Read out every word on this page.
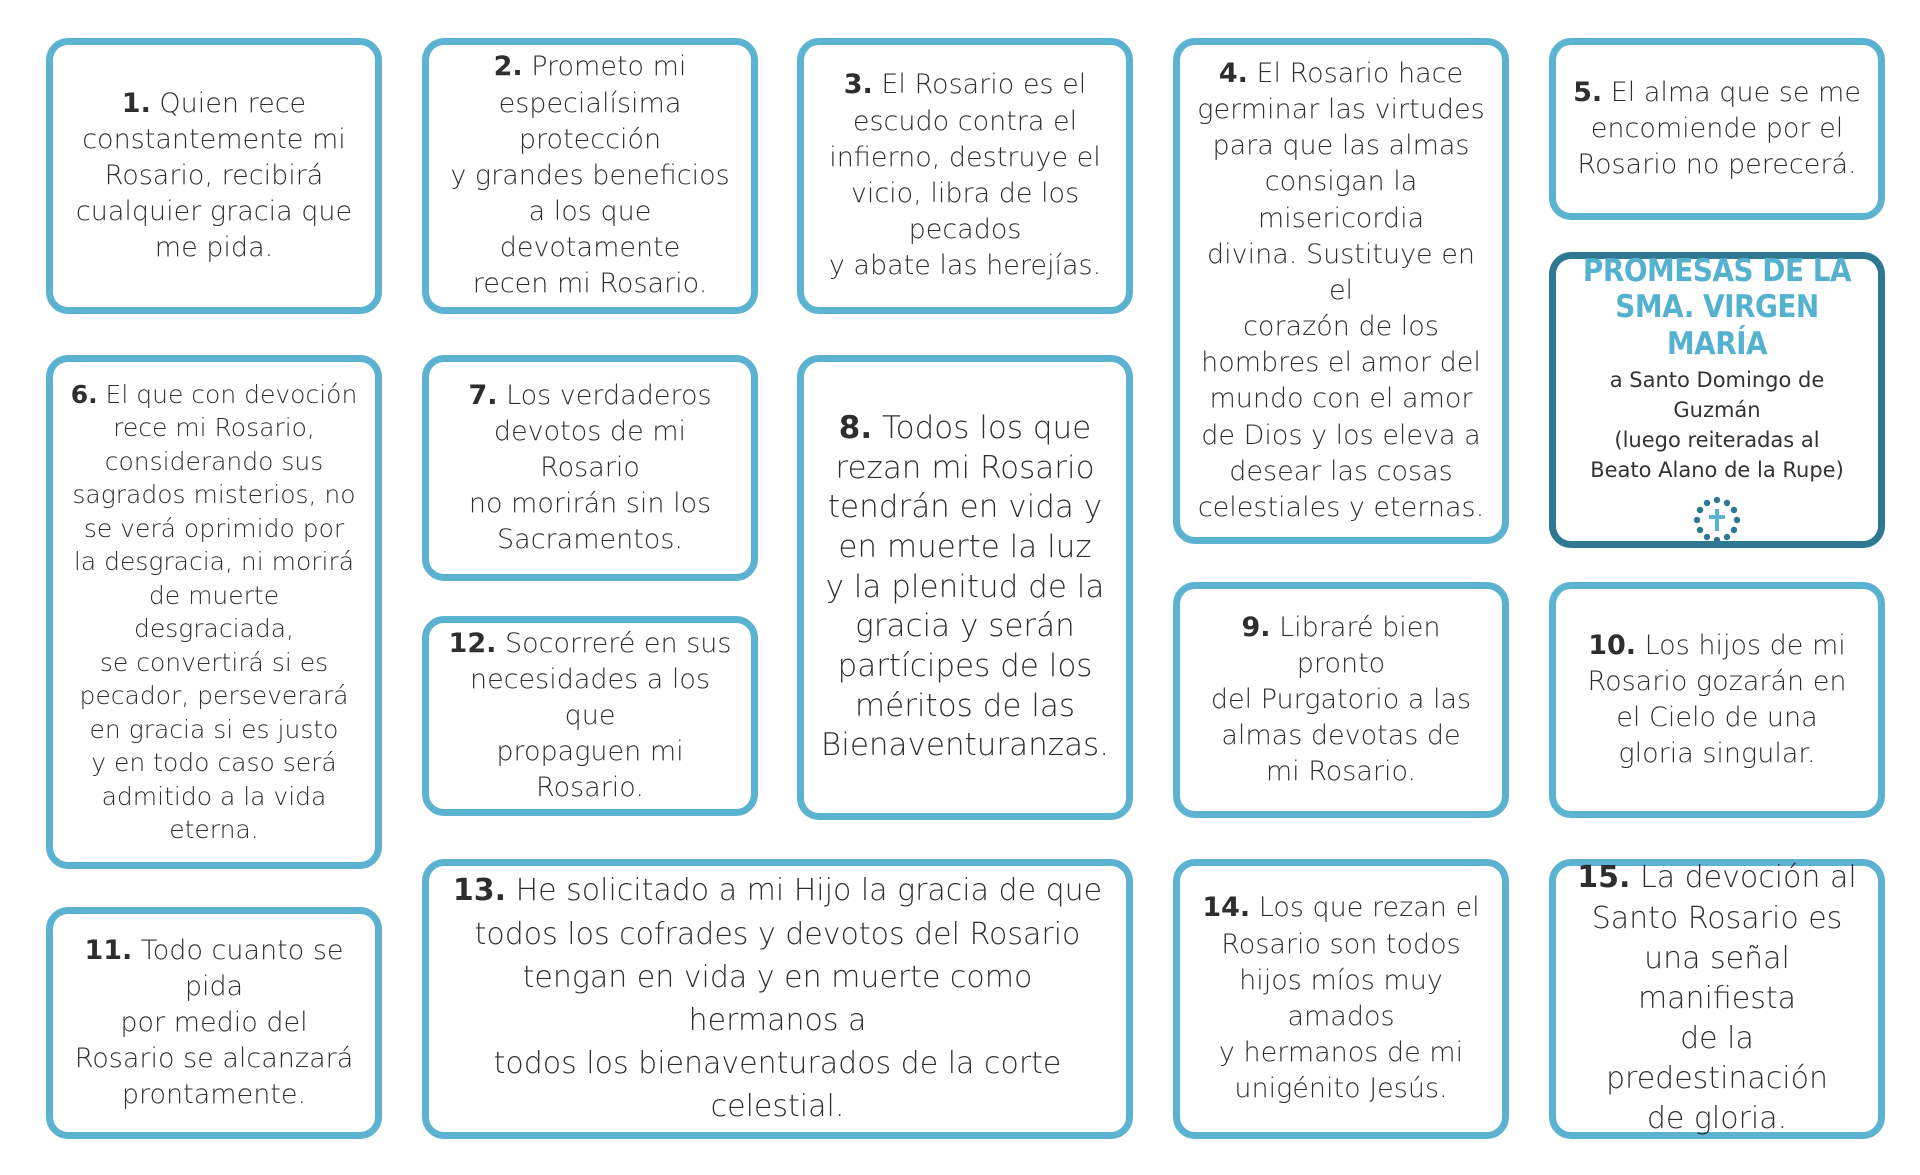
1. Quien rece
constantemente mi
Rosario, recibirá
cualquier gracia que
me pida.
2. Prometo mi
especialísima protección
y grandes beneficios
a los que devotamente
recen mi Rosario.
3. El Rosario es el
escudo contra el
infierno, destruye el
vicio, libra de los pecados
y abate las herejías.
4. El Rosario hace
germinar las virtudes
para que las almas
consigan la misericordia
divina. Sustituye en el
corazón de los
hombres el amor del
mundo con el amor
de Dios y los eleva a
desear las cosas
celestiales y eternas.
5. El alma que se me
encomiende por el
Rosario no perecerá.
PROMESAS DE LA
SMA. VIRGEN MARÍA
a Santo Domingo de Guzmán
(luego reiteradas al
Beato Alano de la Rupe)
6. El que con devoción
rece mi Rosario,
considerando sus
sagrados misterios, no
se verá oprimido por
la desgracia, ni morirá
de muerte desgraciada,
se convertirá si es
pecador, perseverará
en gracia si es justo
y en todo caso será
admitido a la vida eterna.
7. Los verdaderos
devotos de mi Rosario
no morirán sin los
Sacramentos.
8. Todos los que
rezan mi Rosario
tendrán en vida y
en muerte la luz
y la plenitud de la
gracia y serán
partícipes de los
méritos de las
Bienaventuranzas.
12. Socorreré en sus
necesidades a los que
propaguen mi Rosario.
9. Libraré bien pronto
del Purgatorio a las
almas devotas de
mi Rosario.
10. Los hijos de mi
Rosario gozarán en
el Cielo de una
gloria singular.
11. Todo cuanto se pida
por medio del
Rosario se alcanzará
prontamente.
13. He solicitado a mi Hijo la gracia de que
todos los cofrades y devotos del Rosario
tengan en vida y en muerte como hermanos a
todos los bienaventurados de la corte celestial.
14. Los que rezan el
Rosario son todos
hijos míos muy amados
y hermanos de mi
unigénito Jesús.
15. La devoción al
Santo Rosario es
una señal manifiesta
de la predestinación
de gloria.
